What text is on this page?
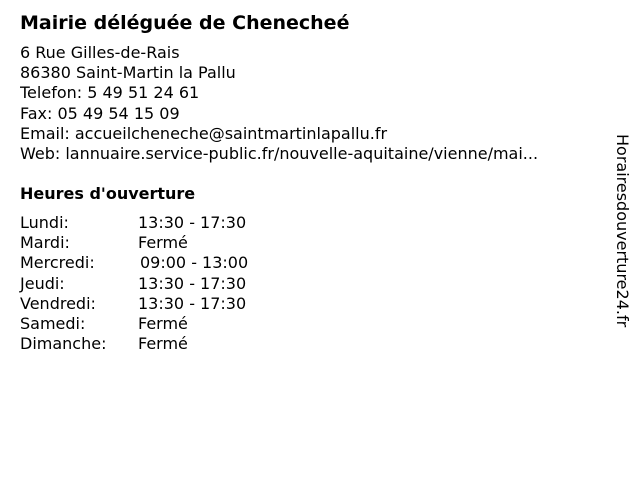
Mairie déléguée de Chenecheé
6 Rue Gilles-de-Rais
86380 Saint-Martin la Pallu
Telefon: 5 49 51 24 61
Fax: 05 49 54 15 09
Email: accueilcheneche@saintmartinlapallu.fr
Web: lannuaire.service-public.fr/nouvelle-aquitaine/vienne/mai...
Heures d'ouverture
Lundi:	13:30 - 17:30
Mardi:	Fermé
Mercredi:	09:00 - 13:00
Jeudi:	13:30 - 17:30
Vendredi:	13:30 - 17:30
Samedi:	Fermé
Dimanche: Fermé
Horairesdouverture24.fr
